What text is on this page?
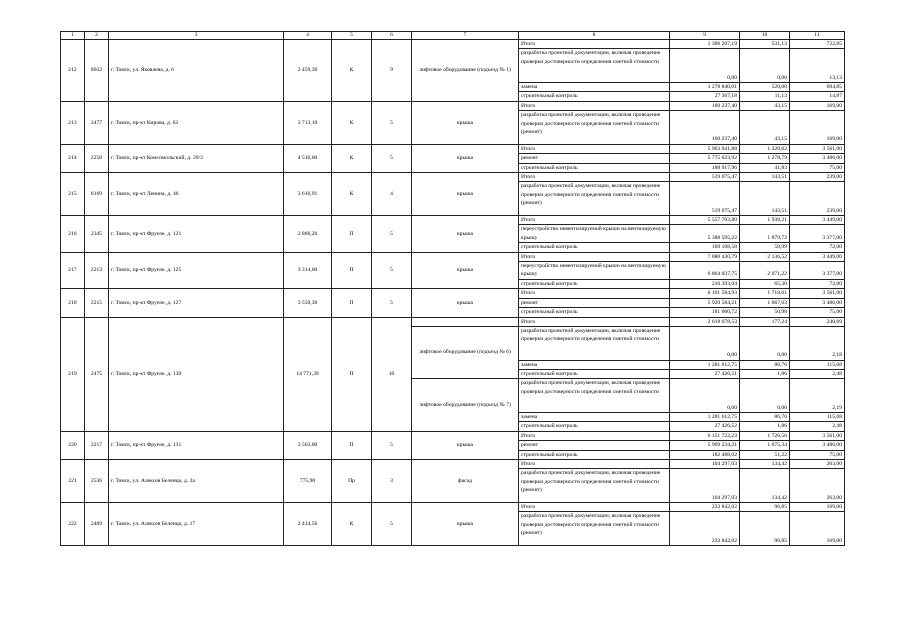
1	2	3	4	5	6	7	8	9	10	11
212	8032	г. Томск, ул. Яковлева, д. 6	2 459,30	К	9	лифтовое оборудование (подъезд № 1)	Итого	1 306 207,19	531,13	722,85
							разработка проектной документации, включая проведение проверки достоверности определения сметной стоимости	0,00	0,00	13,13
							замена	1 278 840,01	520,00	694,85
							строительный контроль	27 367,18	11,13	14,87
213	2477	г. Томск, пр-кт Кирова, д. 62	3 713,10	К	5	крыша	Итого	160 237,40	43,15	169,00
							разработка проектной документации, включая проведение проверки достоверности определения сметной стоимости (ремонт)	160 237,40	43,15	169,00
214	2258	г. Томск, пр-кт Комсомольский, д. 39/3	4 516,00	К	5	крыша	Итого	5 963 941,88	1 320,62	3 561,00
							ремонт	5 775 023,92	1 278,79	3 486,00
							строительный контроль	188 917,96	41,83	75,00
215	8169	г. Томск, пр-кт Ленина, д. 46	3 616,91	К	4	крыша	Итого	519 075,47	143,51	239,00
							разработка проектной документации, включая проведение проверки достоверности определения сметной стоимости (ремонт)	519 075,47	143,51	239,00
216	2345	г. Томск, пр-кт Фрунзе, д. 121	2 866,20	П	5	крыша	Итого	5 557 703,80	1 938,21	3 449,00
							переустройство невентилируемой крыши на вентилируемую крышу	5 388 595,22	1 879,72	3 377,00
							строительный контроль	169 108,58	58,99	72,00
217	2213	г. Томск, пр-кт Фрунзе, д. 125	3 314,00	П	5	крыша	Итого	7 080 430,79	2 136,52	3 449,00
							переустройство невентилируемой крыши на вентилируемую крышу	6 864 037,75	2 071,22	3 377,00
							строительный контроль	216 393,04	65,30	72,00
218	2215	г. Томск, пр-кт Фрунзе, д. 127	3 550,30	П	5	крыша	Итого	6 101 584,93	1 718,61	3 561,00
							ремонт	5 920 584,21	1 667,63	3 486,00
							строительный контроль	181 000,72	50,98	75,00
219	2475	г. Томск, пр-кт Фрунзе, д. 130	14 771,39	П	10		Итого	2 618 078,53	177,24	240,69
						лифтовое оборудование (подъезд № 6)	разработка проектной документации, включая проведение проверки достоверности определения сметной стоимости	0,00	0,00	2,18
							замена	1 281 612,75	86,76	115,68
							строительный контроль	27 426,51	1,86	2,48
						лифтовое оборудование (подъезд № 7)	разработка проектной документации, включая проведение проверки достоверности определения сметной стоимости	0,00	0,00	2,19
							замена	1 281 612,75	86,76	115,68
							строительный контроль	27 426,52	1,86	2,48
220	2217	г. Томск, пр-кт Фрунзе, д. 131	3 563,00	П	5	крыша	Итого	6 151 722,23	1 726,56	3 561,00
							ремонт	5 969 234,21	1 675,34	3 486,00
							строительный контроль	182 488,02	51,22	75,00
221	2536	г. Томск, ул. Алексея Беленца, д. 2а	775,90	Пр	3	фасад	Итого	104 297,03	134,42	263,00
							разработка проектной документации, включая проведение проверки достоверности определения сметной стоимости (ремонт)	104 297,03	134,42	263,00
222	2409	г. Томск, ул. Алексея Беленца, д. 17	2 414,56	К	5	крыша	Итого	233 842,02	96,85	169,00
							разработка проектной документации, включая проведение проверки достоверности определения сметной стоимости (ремонт)	233 842,02	96,85	169,00
